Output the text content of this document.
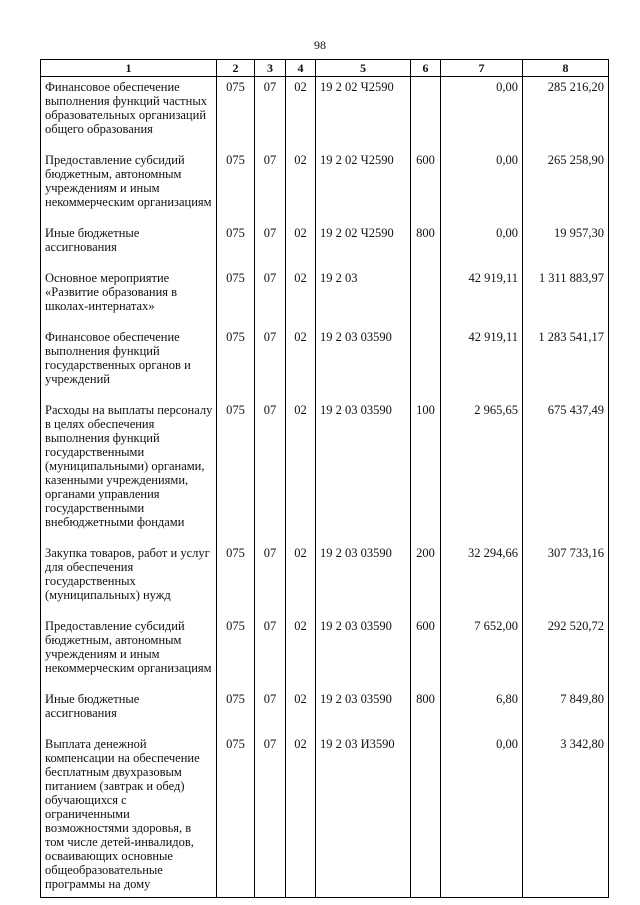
98
1	2	3	4	5	6	7	8
Финансовое обеспечение выполнения функций частных образовательных организаций общего образования	075	07	02	19 2 02 Ч2590		0,00	285 216,20
Предоставление субсидий бюджетным, автономным учреждениям и иным некоммерческим организациям	075	07	02	19 2 02 Ч2590	600	0,00	265 258,90
Иные бюджетные ассигнования	075	07	02	19 2 02 Ч2590	800	0,00	19 957,30
Основное мероприятие «Развитие образования в школах-интернатах»	075	07	02	19 2 03		42 919,11	1 311 883,97
Финансовое обеспечение выполнения функций государственных органов и учреждений	075	07	02	19 2 03 03590		42 919,11	1 283 541,17
Расходы на выплаты персоналу в целях обеспечения выполнения функций государственными (муниципальными) органами, казенными учреждениями, органами управления государственными внебюджетными фондами	075	07	02	19 2 03 03590	100	2 965,65	675 437,49
Закупка товаров, работ и услуг для обеспечения государственных (муниципальных) нужд	075	07	02	19 2 03 03590	200	32 294,66	307 733,16
Предоставление субсидий бюджетным, автономным учреждениям и иным некоммерческим организациям	075	07	02	19 2 03 03590	600	7 652,00	292 520,72
Иные бюджетные ассигнования	075	07	02	19 2 03 03590	800	6,80	7 849,80
Выплата денежной компенсации на обеспечение бесплатным двухразовым питанием (завтрак и обед) обучающихся с ограниченными возможностями здоровья, в том числе детей-инвалидов, осваивающих основные общеобразовательные программы на дому	075	07	02	19 2 03 И3590		0,00	3 342,80
